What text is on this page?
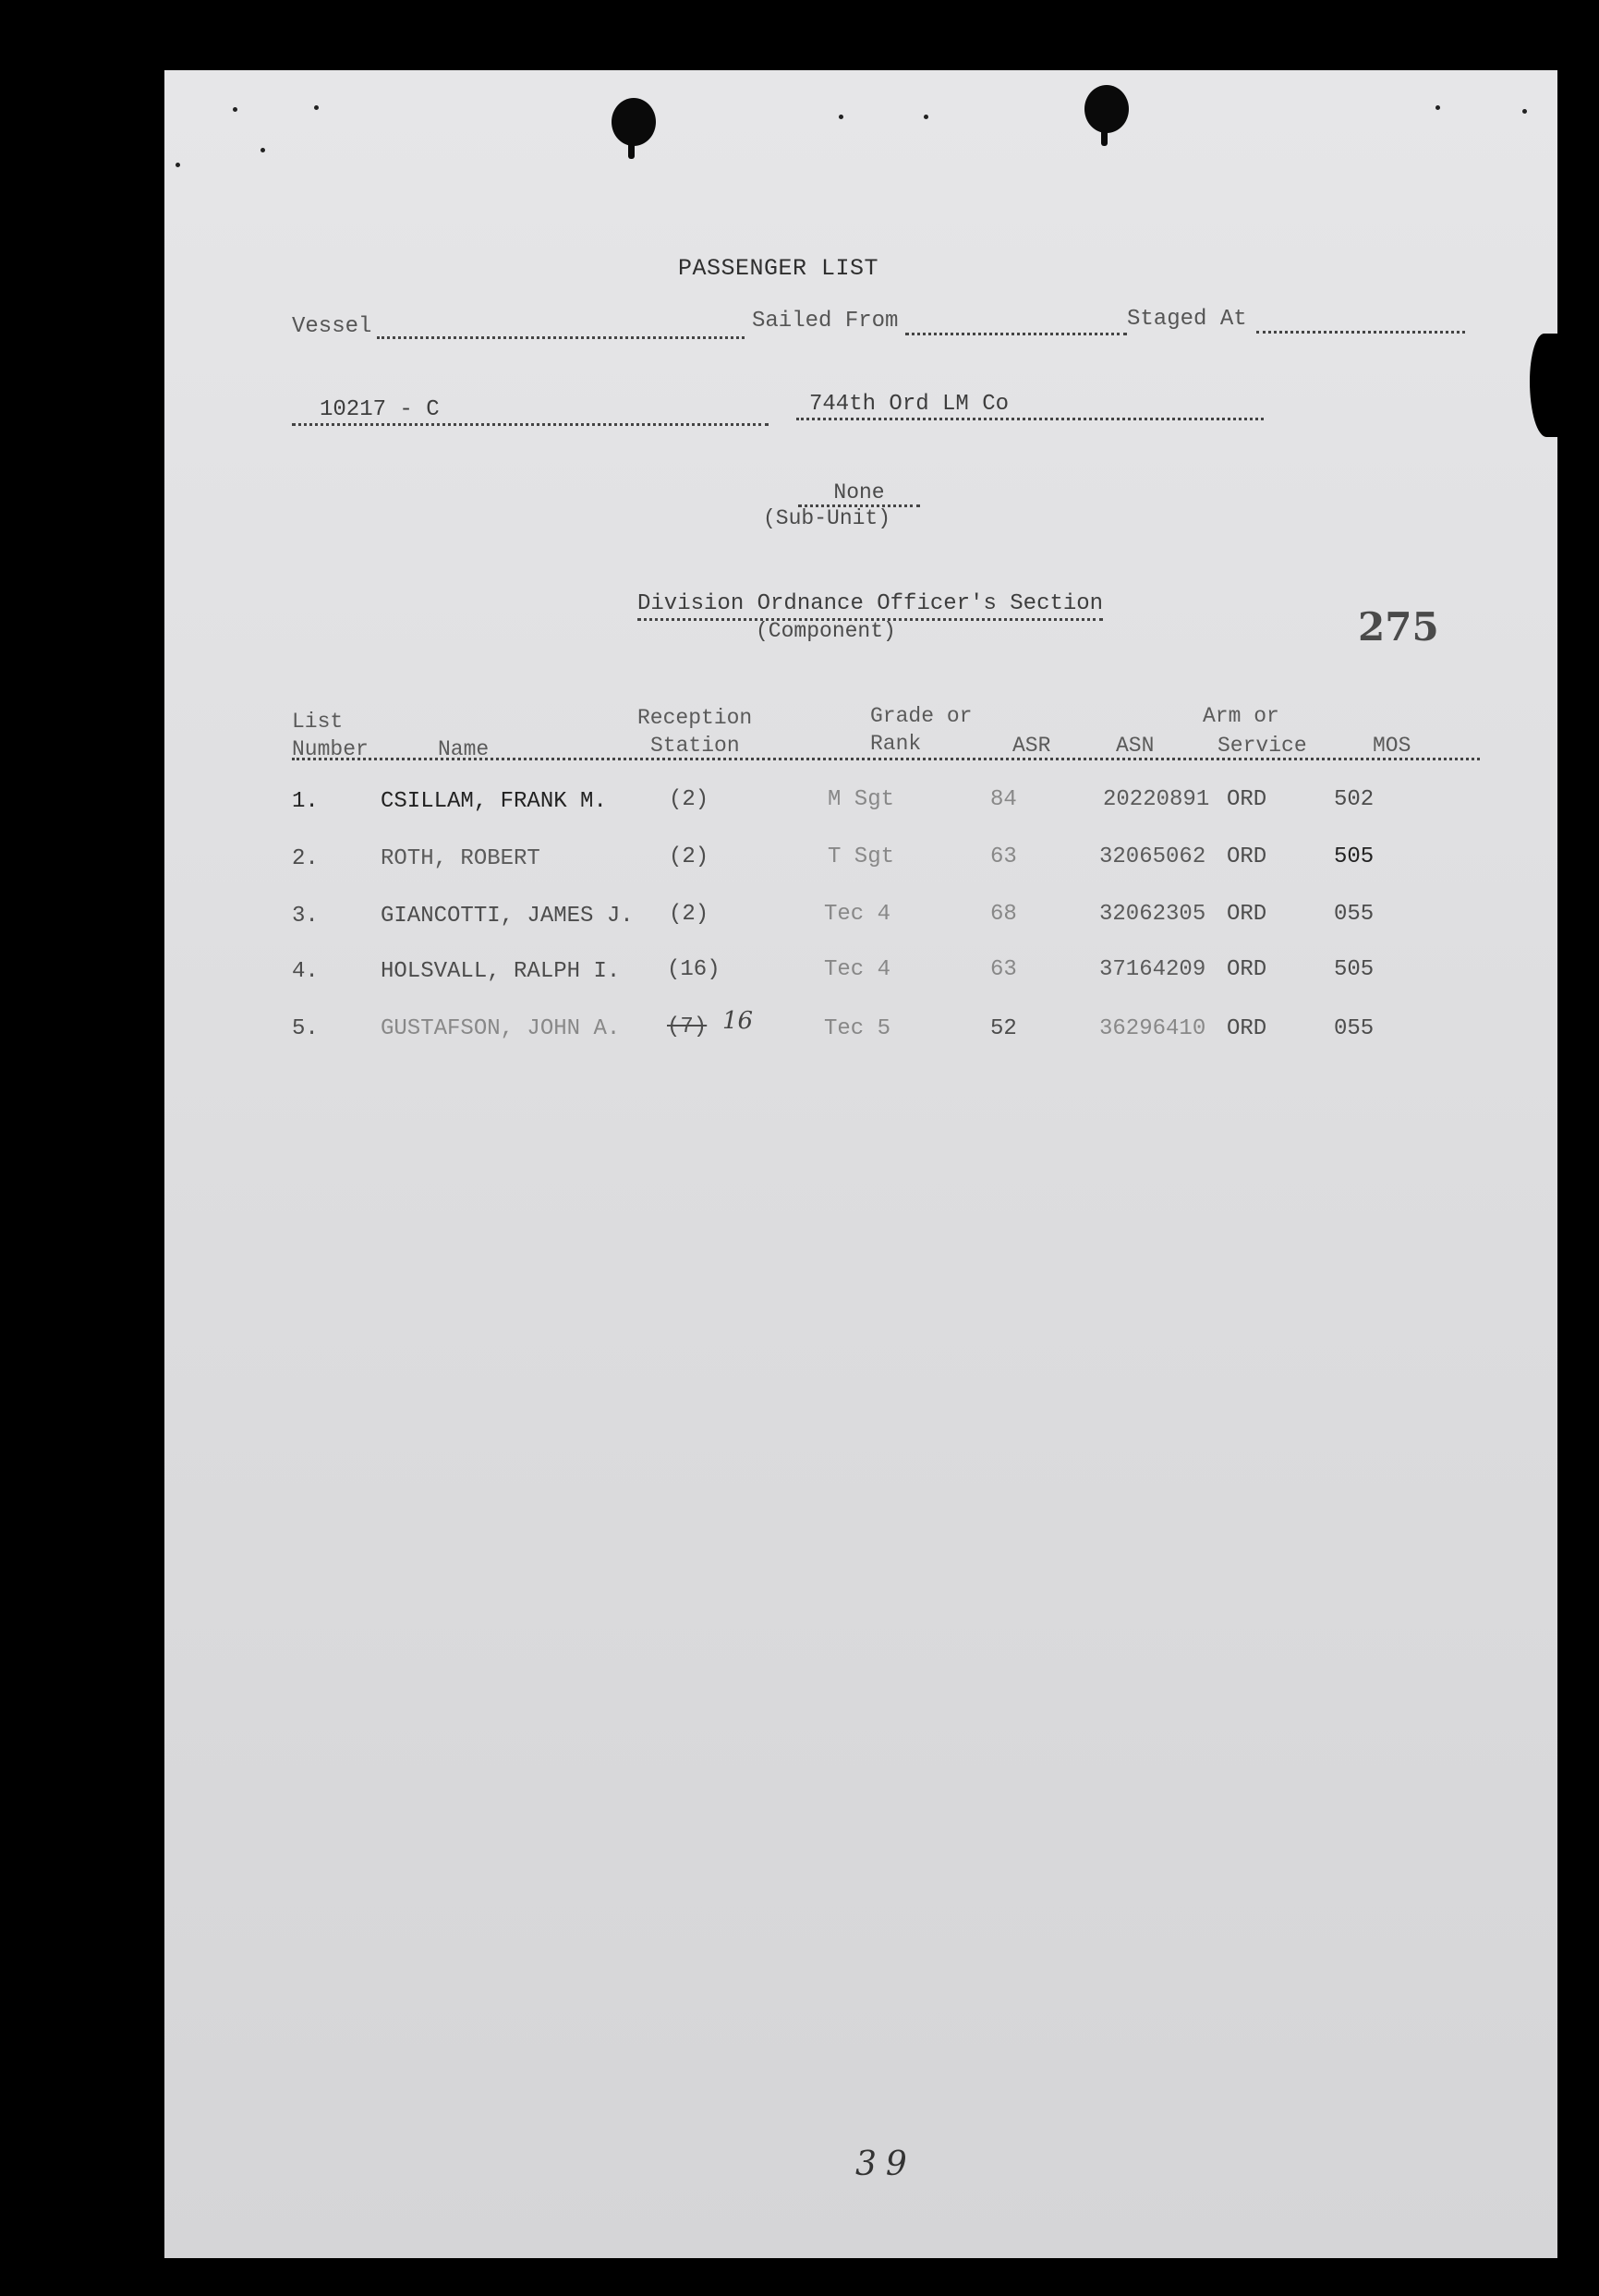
PASSENGER LIST
Vessel	Sailed From	Staged At
10217 - C	744th Ord LM Co
None
(Sub-Unit)
Division Ordnance Officer's Section
(Component)	275
List
Number	Name
Reception
Station
Grade or
Rank	ASR	ASN
Arm or
Service	MOS
1.	CSILLAM, FRANK M.	(2)	M Sgt	84	20220891 ORD	502
2.	ROTH, ROBERT	(2)	T Sgt	63	32065062 ORD	505
3.	GIANCOTTI, JAMES J. (2)	Tec 4	68	32062305 ORD	055
4.	HOLSVALL, RALPH I. (16)	Tec 4	63	37164209 ORD	505
5.	GUSTAFSON, JOHN A. (7) 16	Tec 5	52	36296410 ORD	055
39
